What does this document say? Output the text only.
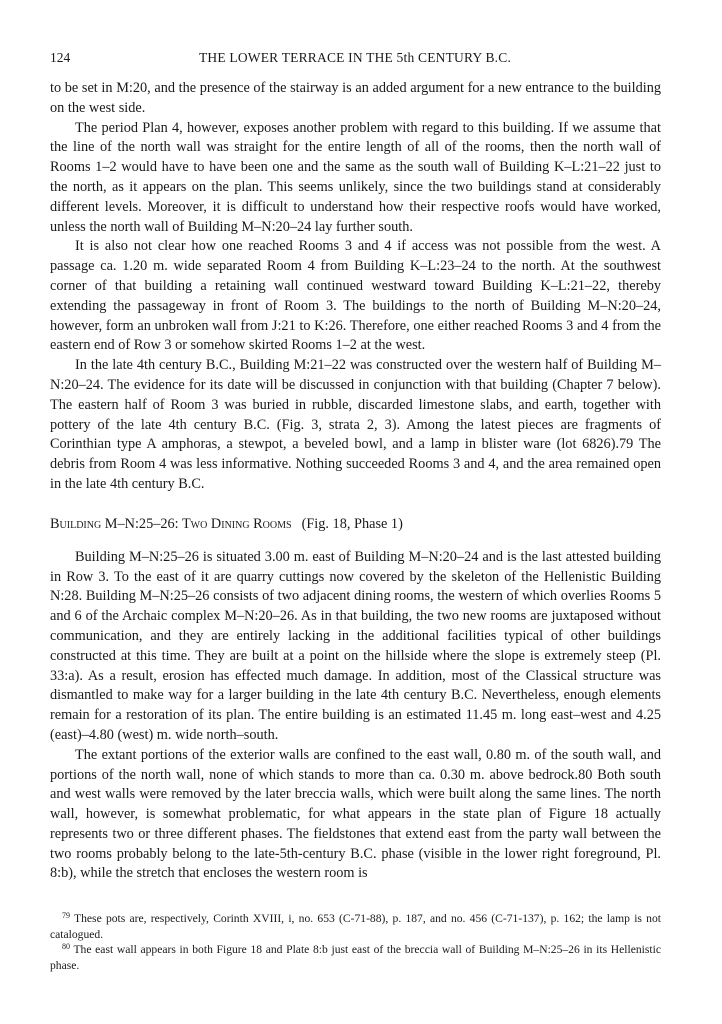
124	THE LOWER TERRACE IN THE 5th CENTURY B.C.

to be set in M:20, and the presence of the stairway is an added argument for a new entrance to the building on the west side.

The period Plan 4, however, exposes another problem with regard to this building. If we assume that the line of the north wall was straight for the entire length of all of the rooms, then the north wall of Rooms 1–2 would have to have been one and the same as the south wall of Building K–L:21–22 just to the north, as it appears on the plan. This seems unlikely, since the two buildings stand at considerably different levels. Moreover, it is difficult to understand how their respective roofs would have worked, unless the north wall of Building M–N:20–24 lay further south.

It is also not clear how one reached Rooms 3 and 4 if access was not possible from the west. A passage ca. 1.20 m. wide separated Room 4 from Building K–L:23–24 to the north. At the southwest corner of that building a retaining wall continued westward toward Building K–L:21–22, thereby extending the passageway in front of Room 3. The buildings to the north of Building M–N:20–24, however, form an unbroken wall from J:21 to K:26. Therefore, one either reached Rooms 3 and 4 from the eastern end of Row 3 or somehow skirted Rooms 1–2 at the west.

In the late 4th century B.C., Building M:21–22 was constructed over the western half of Building M–N:20–24. The evidence for its date will be discussed in conjunction with that building (Chapter 7 below). The eastern half of Room 3 was buried in rubble, discarded limestone slabs, and earth, together with pottery of the late 4th century B.C. (Fig. 3, strata 2, 3). Among the latest pieces are fragments of Corinthian type A amphoras, a stewpot, a beveled bowl, and a lamp in blister ware (lot 6826).79 The debris from Room 4 was less informative. Nothing succeeded Rooms 3 and 4, and the area remained open in the late 4th century B.C.

Building M–N:25–26: Two Dining Rooms (Fig. 18, Phase 1)

Building M–N:25–26 is situated 3.00 m. east of Building M–N:20–24 and is the last attested building in Row 3. To the east of it are quarry cuttings now covered by the skeleton of the Hellenistic Building N:28. Building M–N:25–26 consists of two adjacent dining rooms, the western of which overlies Rooms 5 and 6 of the Archaic complex M–N:20–26. As in that building, the two new rooms are juxtaposed without communication, and they are entirely lacking in the additional facilities typical of other buildings constructed at this time. They are built at a point on the hillside where the slope is extremely steep (Pl. 33:a). As a result, erosion has effected much damage. In addition, most of the Classical structure was dismantled to make way for a larger building in the late 4th century B.C. Nevertheless, enough elements remain for a restoration of its plan. The entire building is an estimated 11.45 m. long east–west and 4.25 (east)–4.80 (west) m. wide north–south.

The extant portions of the exterior walls are confined to the east wall, 0.80 m. of the south wall, and portions of the north wall, none of which stands to more than ca. 0.30 m. above bedrock.80 Both south and west walls were removed by the later breccia walls, which were built along the same lines. The north wall, however, is somewhat problematic, for what appears in the state plan of Figure 18 actually represents two or three different phases. The fieldstones that extend east from the party wall between the two rooms probably belong to the late-5th-century B.C. phase (visible in the lower right foreground, Pl. 8:b), while the stretch that encloses the western room is

$^{79}$ These pots are, respectively, Corinth XVIII, i, no. 653 (C-71-88), p. 187, and no. 456 (C-71-137), p. 162; the lamp is not catalogued.

$^{80}$ The east wall appears in both Figure 18 and Plate 8:b just east of the breccia wall of Building M–N:25–26 in its Hellenistic phase.
